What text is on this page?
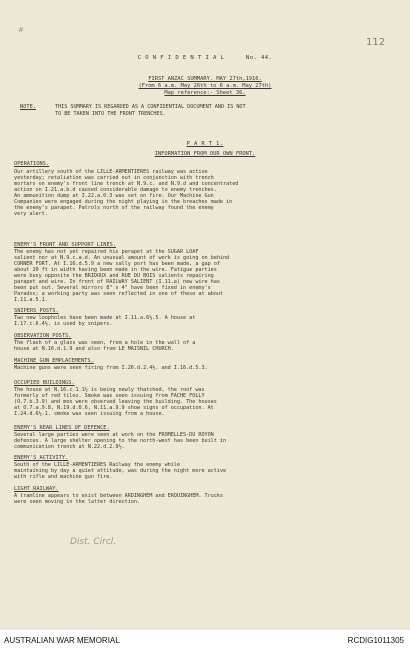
#
112
C O N F I D E N T I A L	No. 44.
FIRST ANZAC SUMMARY. MAY 27th,1916.
(From 6 a.m. May 26th to 6 a.m. May 27th)
Map reference:- Sheet 36.
NOTE.	THIS SUMMARY IS REGARDED AS A CONFIDENTIAL DOCUMENT AND IS NOT
TO BE TAKEN INTO THE FRONT TRENCHES.
P A R T 1.
INFORMATION FROM OUR OWN FRONT.
OPERATIONS.
Our artillery south of the LILLE-ARMENTIERES railway was active
yesterday; retaliation was carried out in conjunction with trench
mortars on enemy's front line trench at N.9.c. and N.9.d and concentrated
action on I.21.a.b.d caused considerable damage to enemy trenches.
An ammunition dump at I.22.a.0.3 was set on fire. Our Machine Gun
Companies were engaged during the night playing in the breaches made in
the enemy's parapet. Patrols north of the railway found the enemy
very alert.
ENEMY'S FRONT AND SUPPORT LINES.
The enemy has not yet repaired his parapet at the SUGAR LOAF
salient nor at N.9.c.a.d. An unusual amount of work is going on behind
CORNER FORT. At I.16.d.5.9 a new sally port has been made, a gap of
about 20 ft in width having been made in the wire. Fatigue parties
were busy opposite the BRIDOUX and RUE DU BOIS salients repairing
parapet and wire. In front of RAILWAY SALIENT (I.11.a) new wire has
been put out. Several mirrors 8" x 4" have been fixed in enemy's
Parados; a working party was seen reflected in one of these at about
I.11.a.5.1.
SNIPERS POSTS.
Two new loopholes have been made at I.11.a.6½.5. A house at
I.17.c.6.4½. is used by snipers.
OBSERVATION POSTS.
The flash of a glass was seen, from a hole in the wall of a
house at N.16.d.1.9 and also from LE MAISNIL CHURCH.
MACHINE GUN EMPLACEMENTS.
Machine guns were seen firing from I.26.d.2.4½. and I.16.d.5.3.
OCCUPIED BUILDINGS.
The house at N.16.c.1.1½ is being newly thatched, the roof was
formerly of red tiles. Smoke was seen issuing from FACHE FOLLY
(O.7.b.3.9) and men were observed leaving the building. The houses
at O.7.a.9.8, N.19.d.0.6, N.11.a.9.9 show signs of occupation. At
I.24.d.6½.1. smoke was seen issuing from a house.
ENEMY'S REAR LINES OF DEFENCE.
Several large parties were seen at work on the FROMELLES-DU ROYON
defences. A large shelter opening to the north-west has been built in
communication trench at N.22.d.2.9½.
ENEMY'S ACTIVITY.
South of the LILLE-ARMENTIERES Railway the enemy while
maintaining by day a quiet attitude, was during the night more active
with rifle and machine gun fire.
LIGHT RAILWAY.
A tramline appears to exist between ARDINGHEM and ERQUINGHEM. Trucks
were seen moving in the latter direction.
Dist. Circl.
AUSTRALIAN WAR MEMORIAL	RCDIG1011305
